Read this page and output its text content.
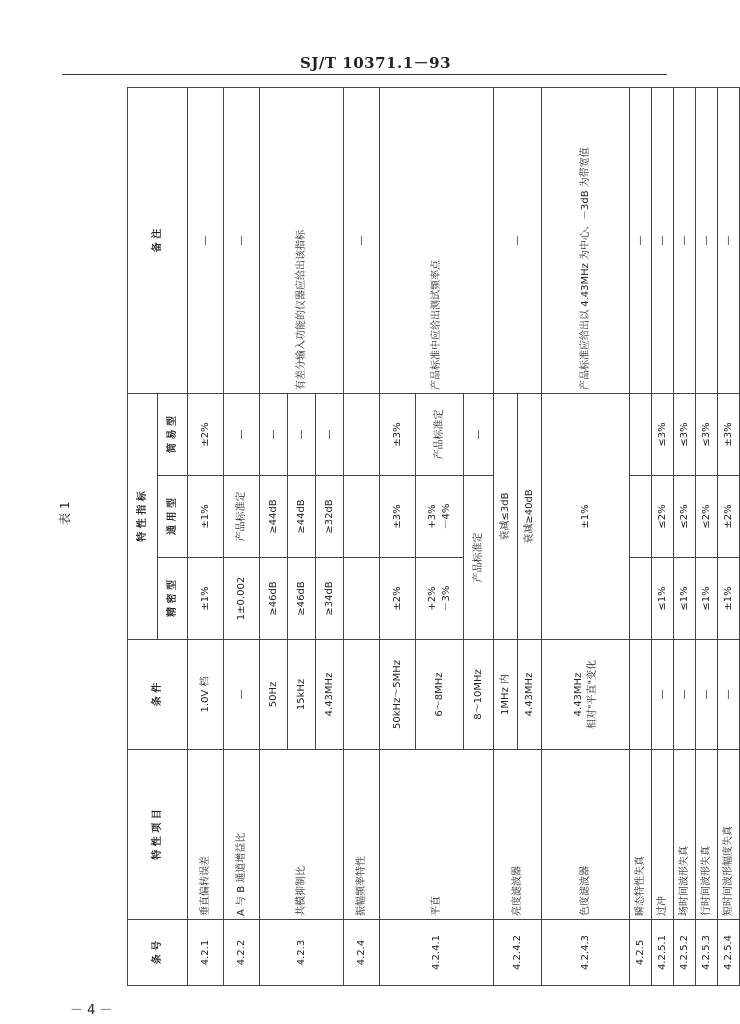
SJ/T 10371.1－93
表 1
条 号	特 性 项 目	条 件	特 性 指 标			备 注
			精 密 型	通 用 型	简 易 型	
4.2.1	垂直偏转误差	1.0V 档	±1%	±1%	±2%	—
4.2.2	A 与 B 通道增益比	—	1±0.002	产品标准定	—	—
4.2.3	共模抑制比	50Hz	≥46dB	≥44dB	—	有差分输入功能的仪器应给出该指标
		15kHz	≥46dB	≥44dB	—	
		4.43MHz	≥34dB	≥32dB	—	
4.2.4	振幅频率特性					—
4.2.4.1	平直	50kHz～5MHz	±2%	±3%	±3%	产品标准中应给出测试频率点
		6～8MHz	+2% －3%	+3% －4%	产品标准定	
		8～10MHz	产品标准定		—	
4.2.4.2	亮度滤波器	1MHz 内	衰减≤3dB			—
		4.43MHz	衰减≥40dB			
4.2.4.3	色度滤波器	4.43MHz 相对"平直"变化	±1%			产品标准应给出以 4.43MHz 为中心、－3dB 为带宽值
4.2.5	瞬态特性失真					—
4.2.5.1	过冲	—	≤1%	≤2%	≤3%	—
4.2.5.2	场时间波形失真	—	≤1%	≤2%	≤3%	—
4.2.5.3	行时间波形失真	—	≤1%	≤2%	≤3%	—
4.2.5.4	短时间波形幅度失真	—	±1%	±2%	±3%	—
－ 4 －
